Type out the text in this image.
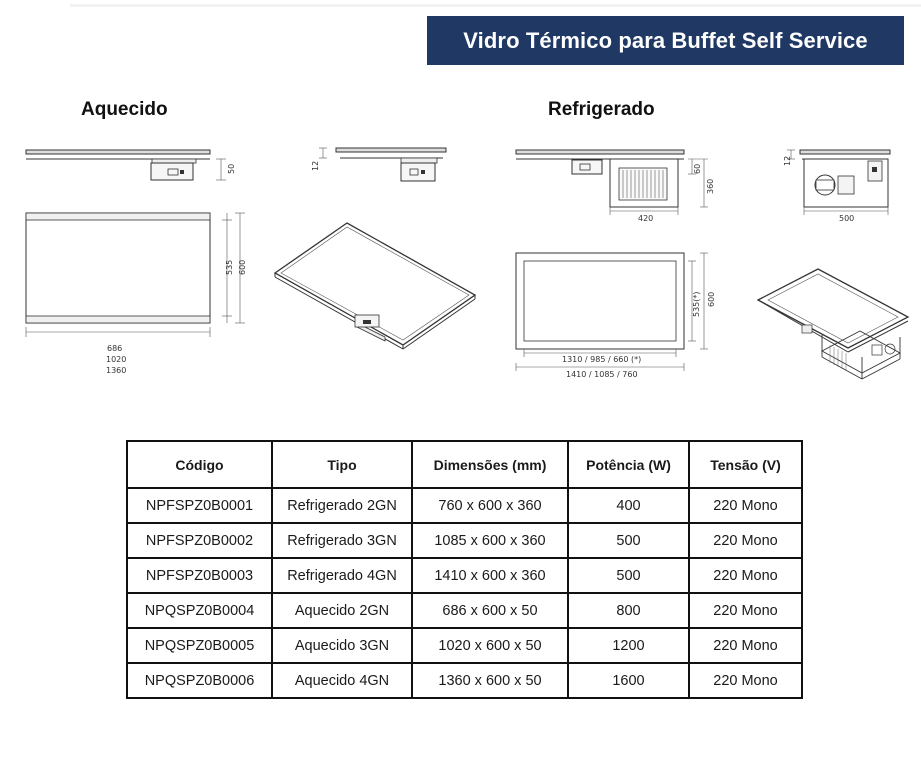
Vidro Térmico para Buffet Self Service
Aquecido	Refrigerado
50
535 600
686
1020
1360
12
420
60
360
12
500
535(*) 600
1310 / 985 / 660 (*)
1410 / 1085 / 760
Código	Tipo	Dimensões (mm)	Potência (W)	Tensão (V)
NPFSPZ0B0001	Refrigerado 2GN	760 x 600 x 360	400	220 Mono
NPFSPZ0B0002	Refrigerado 3GN	1085 x 600 x 360	500	220 Mono
NPFSPZ0B0003	Refrigerado 4GN	1410 x 600 x 360	500	220 Mono
NPQSPZ0B0004	Aquecido 2GN	686 x 600 x 50	800	220 Mono
NPQSPZ0B0005	Aquecido 3GN	1020 x 600 x 50	1200	220 Mono
NPQSPZ0B0006	Aquecido 4GN	1360 x 600 x 50	1600	220 Mono
